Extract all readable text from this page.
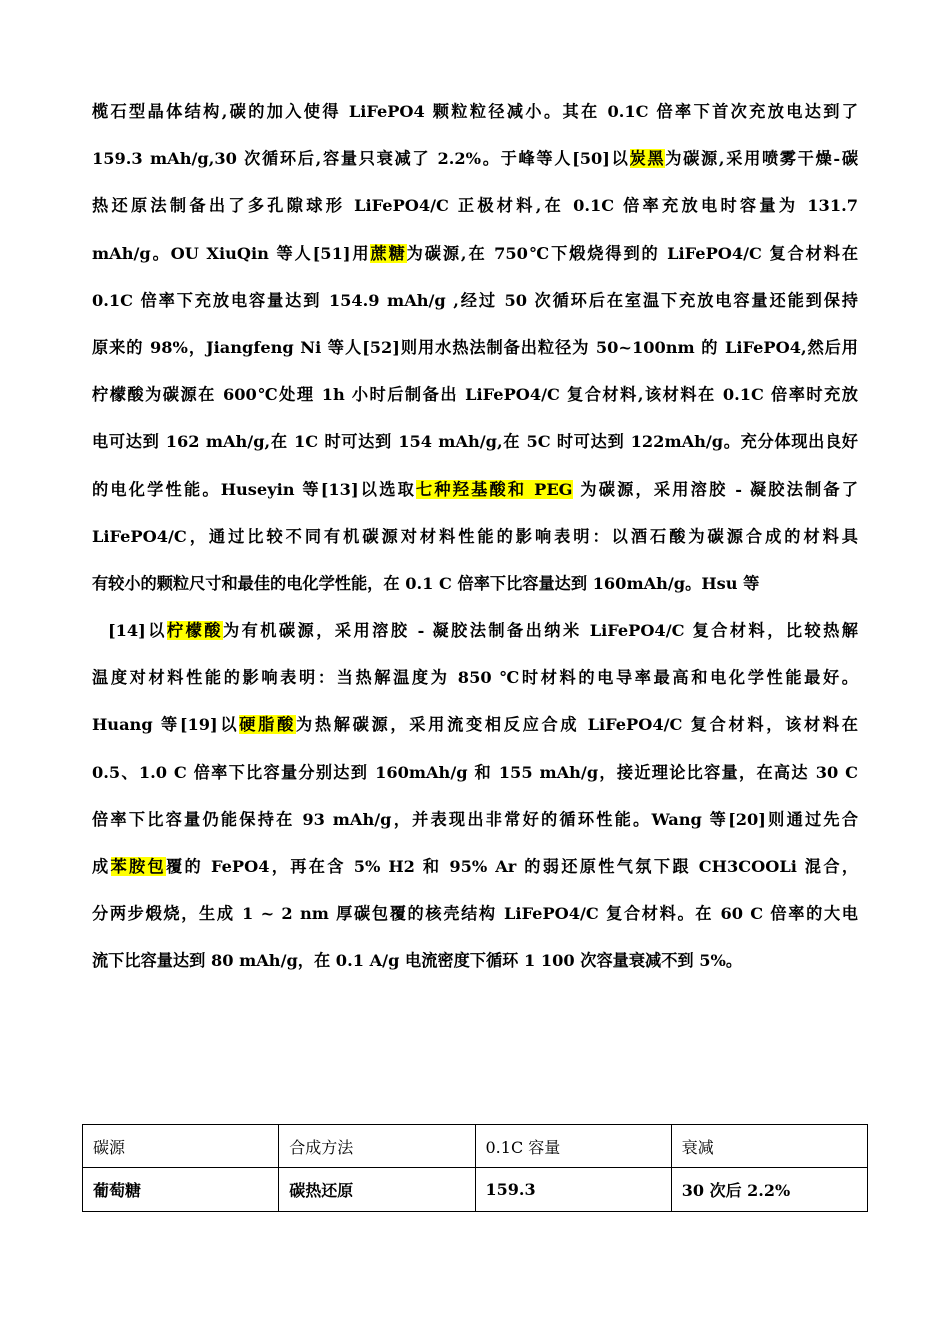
榄石型晶体结构,碳的加入使得 LiFePO4 颗粒粒径减小。其在 0.1C 倍率下首次充放电达到了
159.3 mAh/g,30 次循环后,容量只衰减了 2.2%。于峰等人[50]以炭黑为碳源,采用喷雾干燥-碳
热还原法制备出了多孔隙球形 LiFePO4/C 正极材料,在 0.1C 倍率充放电时容量为 131.7
mAh/g。OU XiuQin 等人[51]用蔗糖为碳源,在 750℃下煅烧得到的 LiFePO4/C 复合材料在
0.1C 倍率下充放电容量达到 154.9 mAh/g ,经过 50 次循环后在室温下充放电容量还能到保持
原来的 98%，Jiangfeng Ni 等人[52]则用水热法制备出粒径为 50~100nm 的 LiFePO4,然后用
柠檬酸为碳源在 600℃处理 1h 小时后制备出 LiFePO4/C 复合材料,该材料在 0.1C 倍率时充放
电可达到 162 mAh/g,在 1C 时可达到 154 mAh/g,在 5C 时可达到 122mAh/g。充分体现出良好
的电化学性能。Huseyin 等[13]以选取七种羟基酸和 PEG 为碳源，采用溶胶 - 凝胶法制备了
LiFePO4/C，通过比较不同有机碳源对材料性能的影响表明：以酒石酸为碳源合成的材料具
有较小的颗粒尺寸和最佳的电化学性能，在 0.1 C 倍率下比容量达到 160mAh/g。Hsu 等
[14]以柠檬酸为有机碳源，采用溶胶 - 凝胶法制备出纳米 LiFePO4/C 复合材料，比较热解
温度对材料性能的影响表明：当热解温度为 850 ℃时材料的电导率最高和电化学性能最好。
Huang 等[19]以硬脂酸为热解碳源，采用流变相反应合成 LiFePO4/C 复合材料，该材料在
0.5、1.0 C 倍率下比容量分别达到 160mAh/g 和 155 mAh/g，接近理论比容量，在高达 30 C
倍率下比容量仍能保持在 93 mAh/g，并表现出非常好的循环性能。Wang 等[20]则通过先合
成苯胺包覆的 FePO4，再在含 5% H2 和 95% Ar 的弱还原性气氛下跟 CH3COOLi 混合，
分两步煅烧，生成 1 ~ 2 nm 厚碳包覆的核壳结构 LiFePO4/C 复合材料。在 60 C 倍率的大电
流下比容量达到 80 mAh/g，在 0.1 A/g 电流密度下循环 1 100 次容量衰减不到 5%。
碳源	合成方法	0.1C 容量	衰减
葡萄糖	碳热还原	159.3	30 次后 2.2%
